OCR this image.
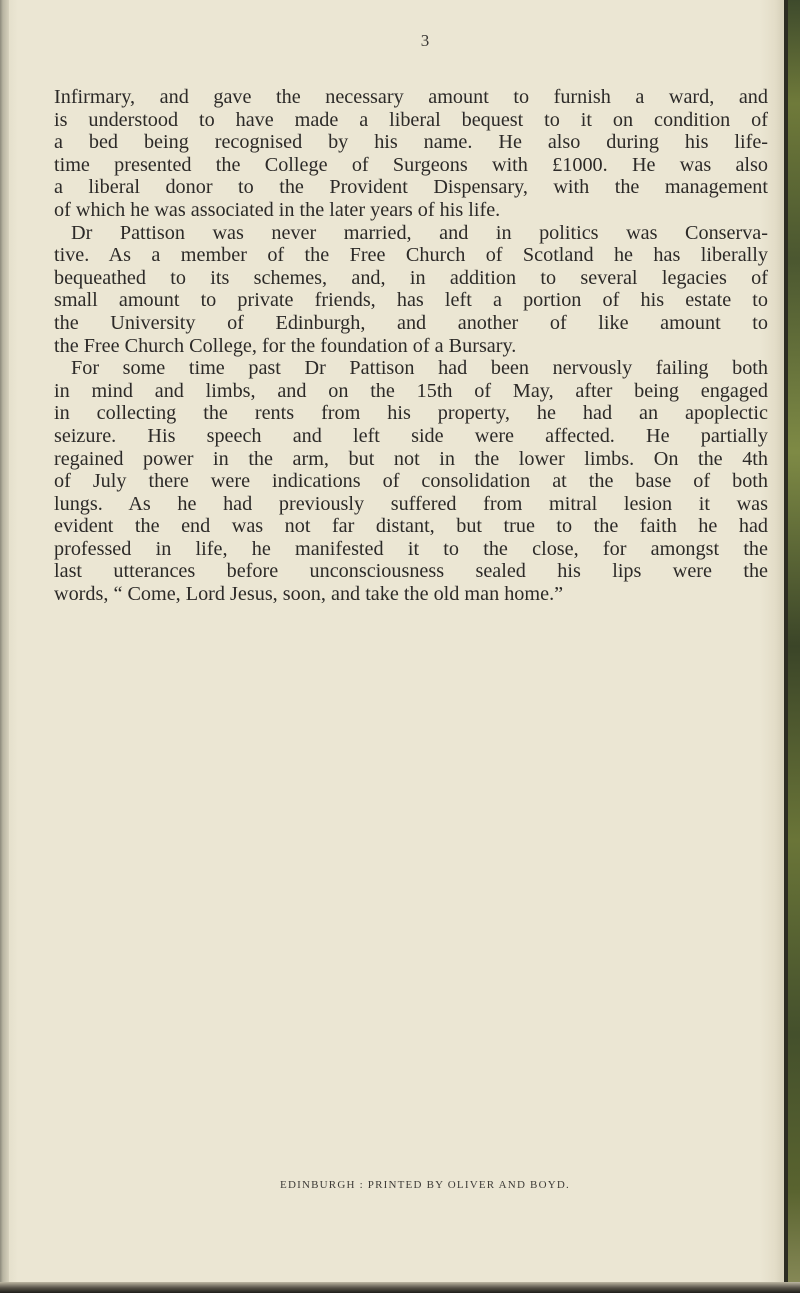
3
Infirmary, and gave the necessary amount to furnish a ward, and
is understood to have made a liberal bequest to it on condition of
a bed being recognised by his name. He also during his life-
time presented the College of Surgeons with £1000. He was also
a liberal donor to the Provident Dispensary, with the management
of which he was associated in the later years of his life.
Dr Pattison was never married, and in politics was Conserva-
tive. As a member of the Free Church of Scotland he has liberally
bequeathed to its schemes, and, in addition to several legacies of
small amount to private friends, has left a portion of his estate to
the University of Edinburgh, and another of like amount to
the Free Church College, for the foundation of a Bursary.
For some time past Dr Pattison had been nervously failing both
in mind and limbs, and on the 15th of May, after being engaged
in collecting the rents from his property, he had an apoplectic
seizure. His speech and left side were affected. He partially
regained power in the arm, but not in the lower limbs. On the 4th
of July there were indications of consolidation at the base of both
lungs. As he had previously suffered from mitral lesion it was
evident the end was not far distant, but true to the faith he had
professed in life, he manifested it to the close, for amongst the
last utterances before unconsciousness sealed his lips were the
words, “ Come, Lord Jesus, soon, and take the old man home.”
EDINBURGH : PRINTED BY OLIVER AND BOYD.
